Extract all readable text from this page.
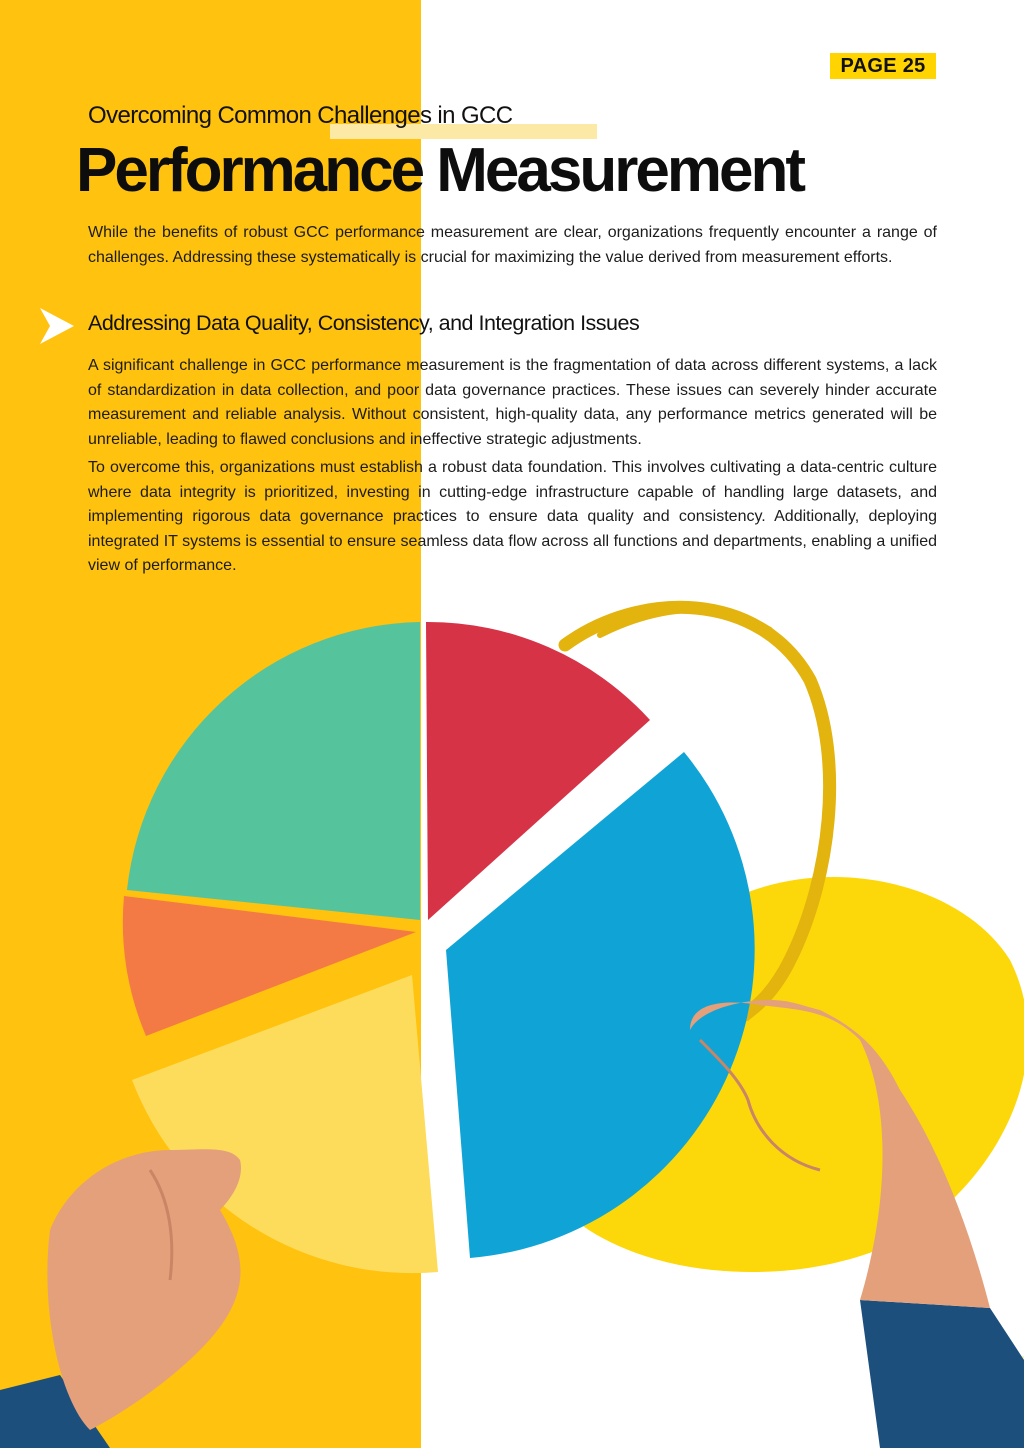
PAGE 25
Overcoming Common Challenges in GCC
Performance Measurement

While the benefits of robust GCC performance measurement are clear, organizations frequently encounter a range of challenges. Addressing these systematically is crucial for maximizing the value derived from measurement efforts.

Addressing Data Quality, Consistency, and Integration Issues

A significant challenge in GCC performance measurement is the fragmentation of data across different systems, a lack of standardization in data collection, and poor data governance practices. These issues can severely hinder accurate measurement and reliable analysis. Without consistent, high-quality data, any performance metrics generated will be unreliable, leading to flawed conclusions and ineffective strategic adjustments.

To overcome this, organizations must establish a robust data foundation. This involves cultivating a data-centric culture where data integrity is prioritized, investing in cutting-edge infrastructure capable of handling large datasets, and implementing rigorous data governance practices to ensure data quality and consistency. Additionally, deploying integrated IT systems is essential to ensure seamless data flow across all functions and departments, enabling a unified view of performance.
